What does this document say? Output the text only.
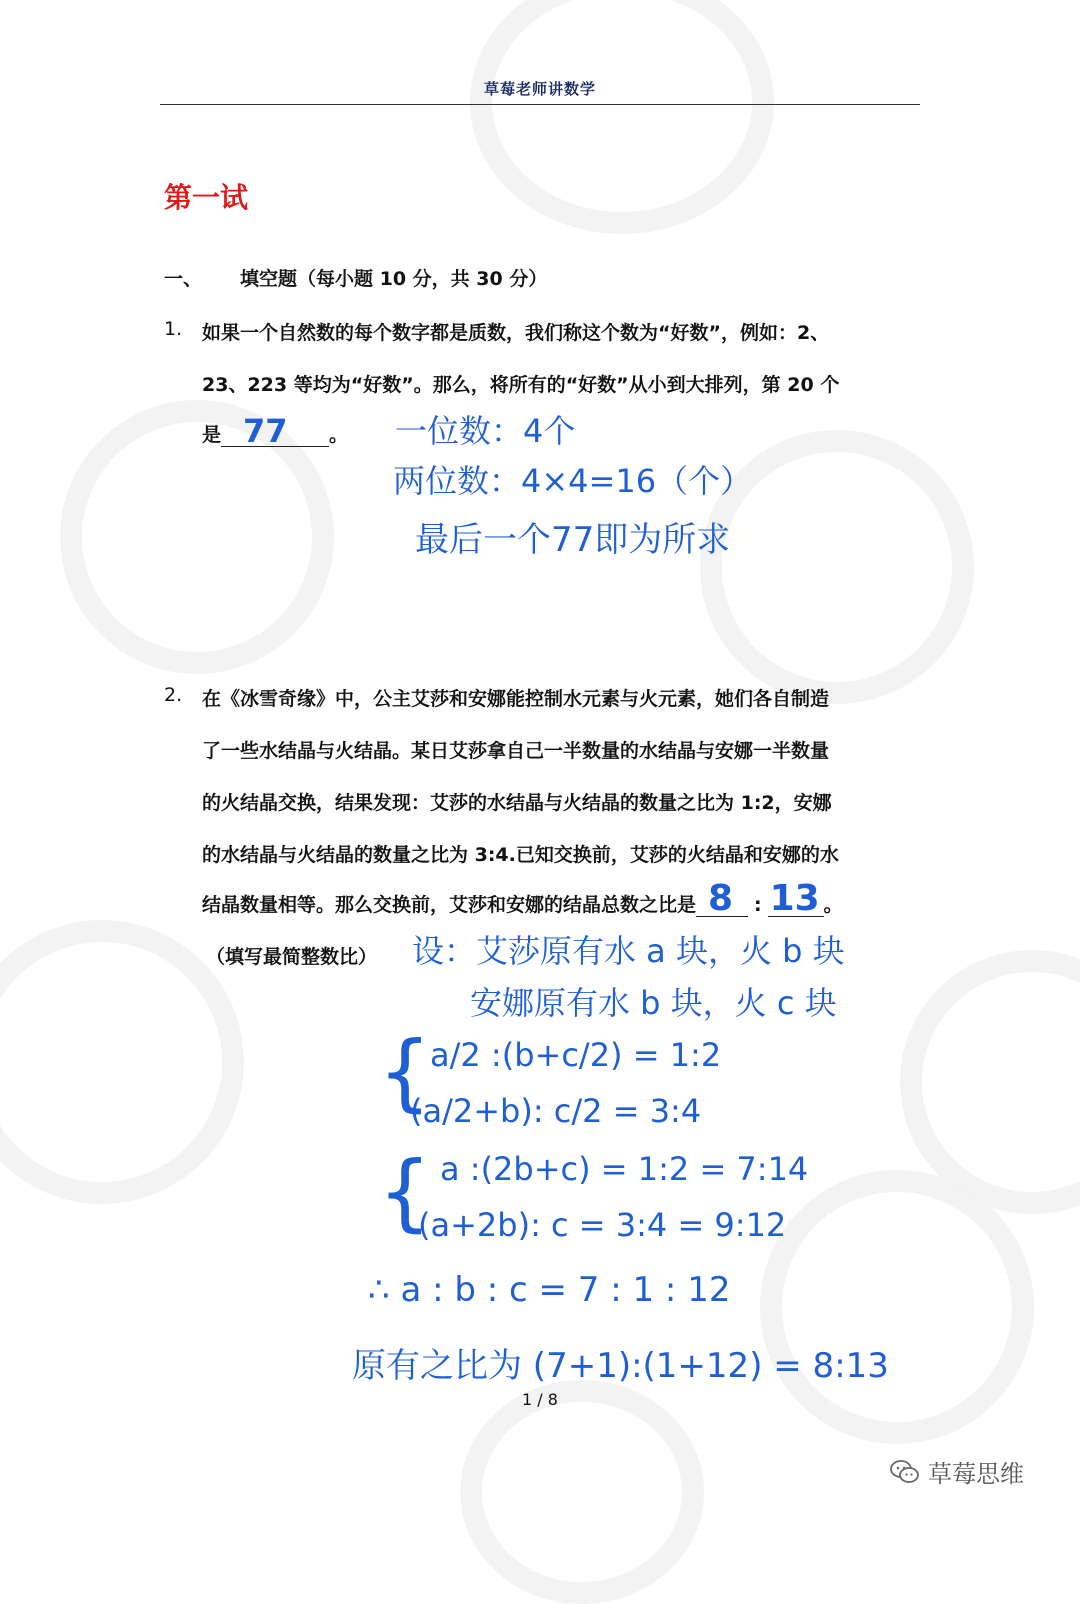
草莓老师讲数学
第一试
一、 填空题（每小题 10 分，共 30 分）
1. 如果一个自然数的每个数字都是质数，我们称这个数为“好数”，例如：2、
23、223 等均为“好数”。那么，将所有的“好数”从小到大排列，第 20 个
是 77 。 一位数：4个
两位数：4×4=16（个）
最后一个77即为所求
2. 在《冰雪奇缘》中，公主艾莎和安娜能控制水元素与火元素，她们各自制造
了一些水结晶与火结晶。某日艾莎拿自己一半数量的水结晶与安娜一半数量
的火结晶交换，结果发现：艾莎的水结晶与火结晶的数量之比为 1:2，安娜
的水结晶与火结晶的数量之比为 3:4.已知交换前，艾莎的火结晶和安娜的水
结晶数量相等。那么交换前，艾莎和安娜的结晶总数之比是 8 : 13 。
（填写最简整数比） 设：艾莎原有水 a 块，火 b 块
安娜原有水 b 块，火 c 块
{
a/2 :(b+c/2) = 1:2
(a/2+b): c/2 = 3:4
{ a :(2b+c) = 1:2 = 7:14
(a+2b): c = 3:4 = 9:12
∴ a : b : c = 7 : 1 : 12
原有之比为 (7+1):(1+12) = 8:13
1 / 8
草莓思维
